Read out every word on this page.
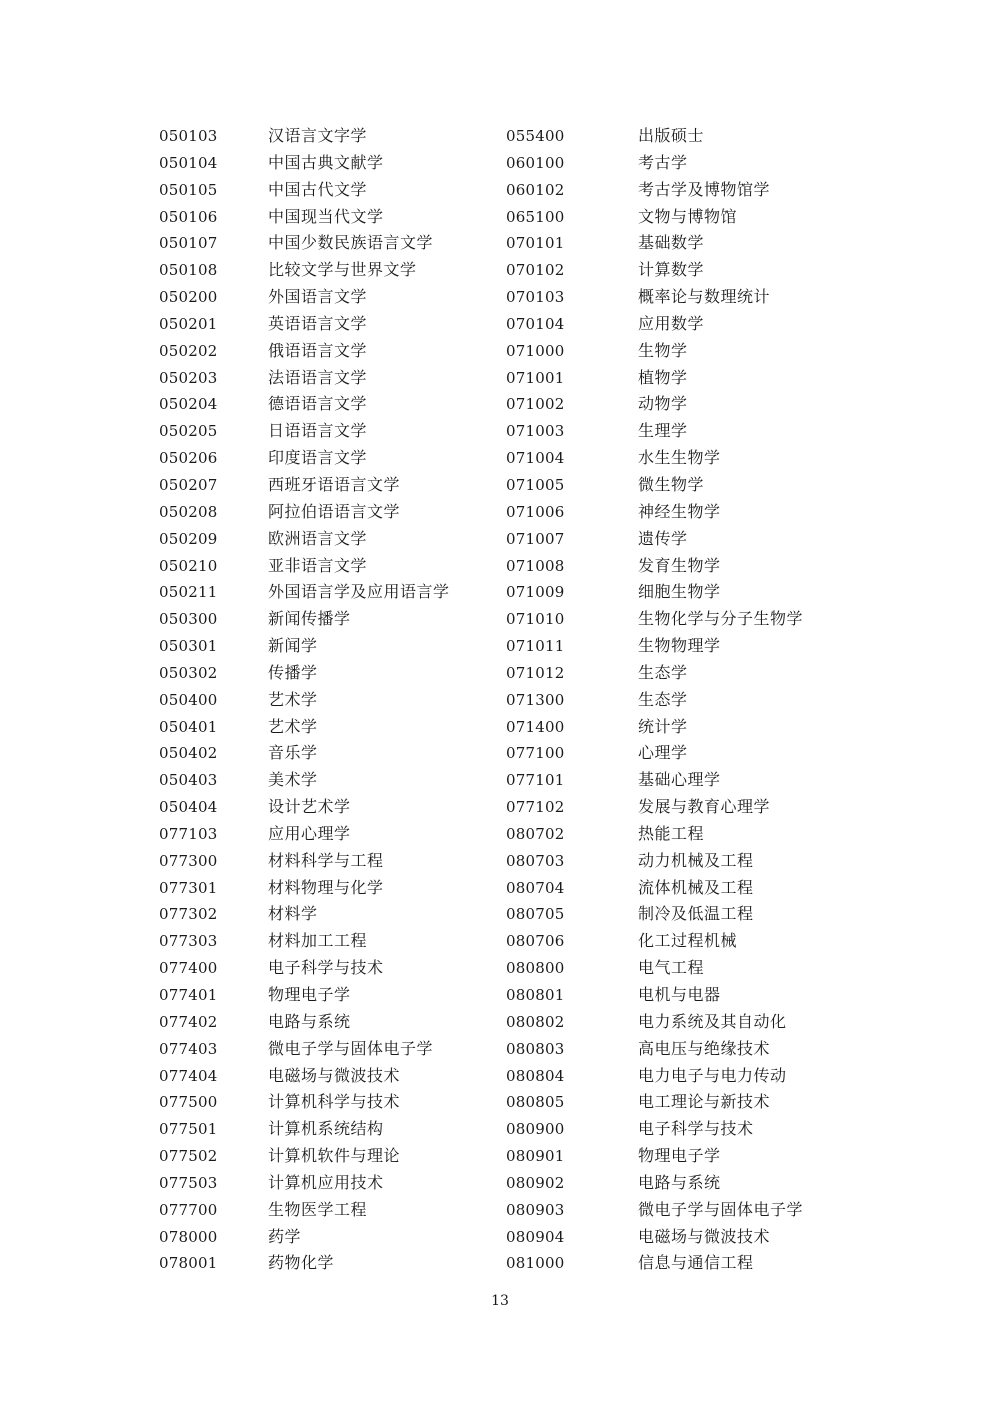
050103	汉语言文字学	055400	出版硕士
050104	中国古典文献学	060100	考古学
050105	中国古代文学	060102	考古学及博物馆学
050106	中国现当代文学	065100	文物与博物馆
050107	中国少数民族语言文学	070101	基础数学
050108	比较文学与世界文学	070102	计算数学
050200	外国语言文学	070103	概率论与数理统计
050201	英语语言文学	070104	应用数学
050202	俄语语言文学	071000	生物学
050203	法语语言文学	071001	植物学
050204	德语语言文学	071002	动物学
050205	日语语言文学	071003	生理学
050206	印度语言文学	071004	水生生物学
050207	西班牙语语言文学	071005	微生物学
050208	阿拉伯语语言文学	071006	神经生物学
050209	欧洲语言文学	071007	遗传学
050210	亚非语言文学	071008	发育生物学
050211	外国语言学及应用语言学	071009	细胞生物学
050300	新闻传播学	071010	生物化学与分子生物学
050301	新闻学	071011	生物物理学
050302	传播学	071012	生态学
050400	艺术学	071300	生态学
050401	艺术学	071400	统计学
050402	音乐学	077100	心理学
050403	美术学	077101	基础心理学
050404	设计艺术学	077102	发展与教育心理学
077103	应用心理学	080702	热能工程
077300	材料科学与工程	080703	动力机械及工程
077301	材料物理与化学	080704	流体机械及工程
077302	材料学	080705	制冷及低温工程
077303	材料加工工程	080706	化工过程机械
077400	电子科学与技术	080800	电气工程
077401	物理电子学	080801	电机与电器
077402	电路与系统	080802	电力系统及其自动化
077403	微电子学与固体电子学	080803	高电压与绝缘技术
077404	电磁场与微波技术	080804	电力电子与电力传动
077500	计算机科学与技术	080805	电工理论与新技术
077501	计算机系统结构	080900	电子科学与技术
077502	计算机软件与理论	080901	物理电子学
077503	计算机应用技术	080902	电路与系统
077700	生物医学工程	080903	微电子学与固体电子学
078000	药学	080904	电磁场与微波技术
078001	药物化学	081000	信息与通信工程
13
